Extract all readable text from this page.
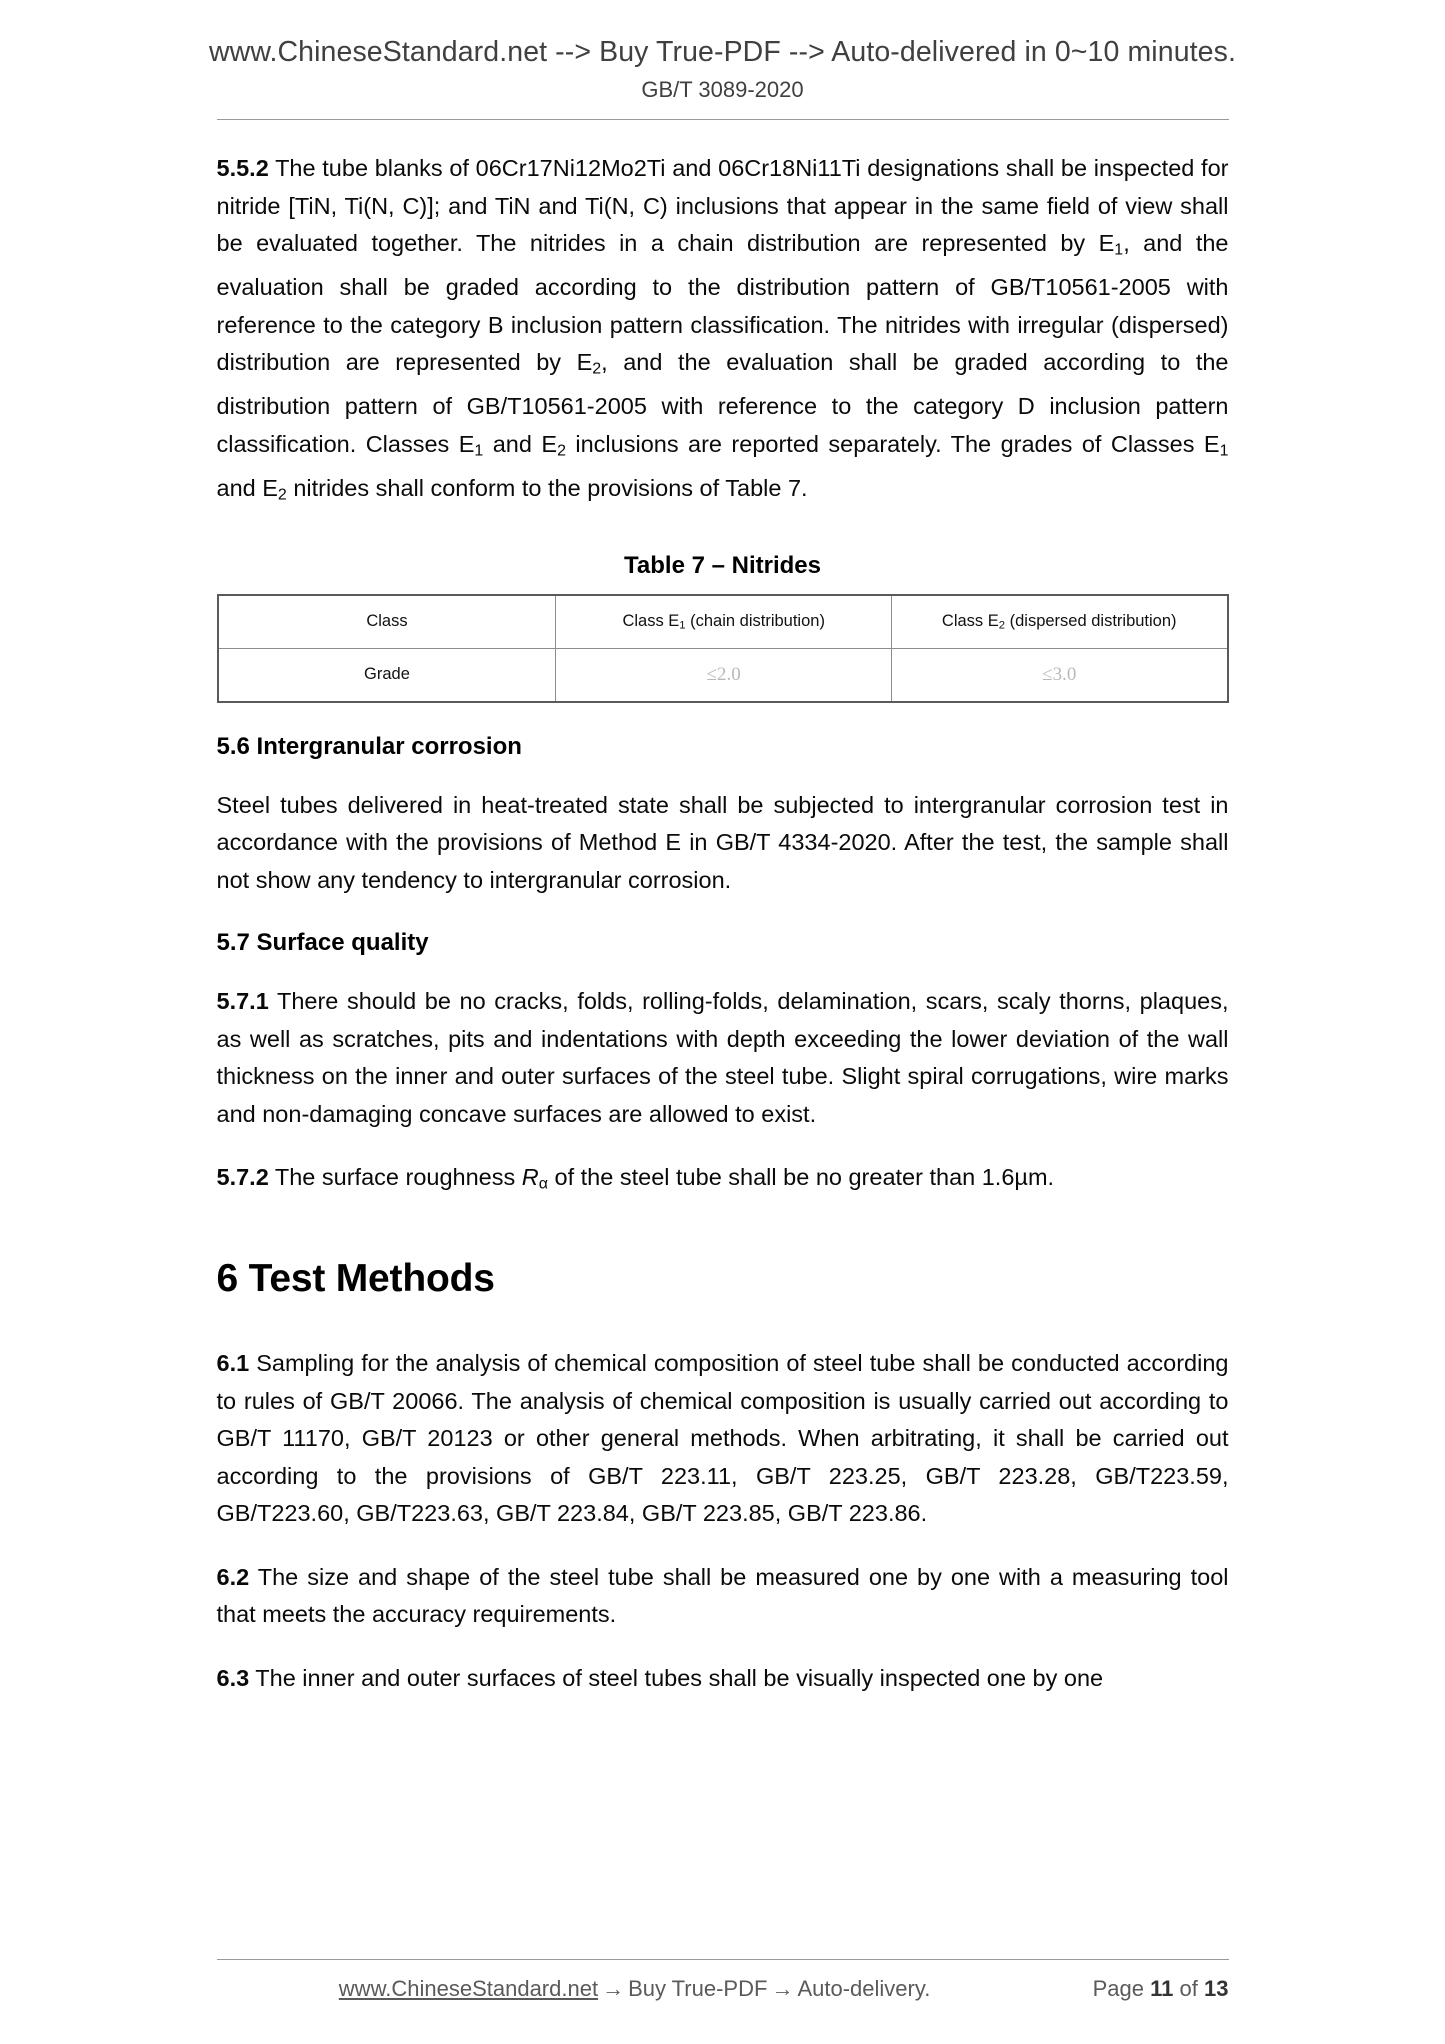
www.ChineseStandard.net --> Buy True-PDF --> Auto-delivered in 0~10 minutes.
GB/T 3089-2020

5.5.2 The tube blanks of 06Cr17Ni12Mo2Ti and 06Cr18Ni11Ti designations shall be inspected for nitride [TiN, Ti(N, C)]; and TiN and Ti(N, C) inclusions that appear in the same field of view shall be evaluated together. The nitrides in a chain distribution are represented by $E_1$, and the evaluation shall be graded according to the distribution pattern of GB/T10561-2005 with reference to the category B inclusion pattern classification. The nitrides with irregular (dispersed) distribution are represented by $E_2$, and the evaluation shall be graded according to the distribution pattern of GB/T10561-2005 with reference to the category D inclusion pattern classification. Classes $E_1$ and $E_2$ inclusions are reported separately. The grades of Classes $E_1$ and $E_2$ nitrides shall conform to the provisions of Table 7.

Table 7 – Nitrides
Class	Class $E_1$ (chain distribution)	Class $E_2$ (dispersed distribution)
Grade	≤2.0	≤3.0
5.6 Intergranular corrosion

Steel tubes delivered in heat-treated state shall be subjected to intergranular corrosion test in accordance with the provisions of Method E in GB/T 4334-2020. After the test, the sample shall not show any tendency to intergranular corrosion.

5.7 Surface quality

5.7.1 There should be no cracks, folds, rolling-folds, delamination, scars, scaly thorns, plaques, as well as scratches, pits and indentations with depth exceeding the lower deviation of the wall thickness on the inner and outer surfaces of the steel tube. Slight spiral corrugations, wire marks and non-damaging concave surfaces are allowed to exist.

5.7.2 The surface roughness $R_\alpha$ of the steel tube shall be no greater than 1.6µm.

6 Test Methods

6.1 Sampling for the analysis of chemical composition of steel tube shall be conducted according to rules of GB/T 20066. The analysis of chemical composition is usually carried out according to GB/T 11170, GB/T 20123 or other general methods. When arbitrating, it shall be carried out according to the provisions of GB/T 223.11, GB/T 223.25, GB/T 223.28, GB/T223.59, GB/T223.60, GB/T223.63, GB/T 223.84, GB/T 223.85, GB/T 223.86.

6.2 The size and shape of the steel tube shall be measured one by one with a measuring tool that meets the accuracy requirements.

6.3 The inner and outer surfaces of steel tubes shall be visually inspected one by one

www.ChineseStandard.net → Buy True-PDF → Auto-delivery.	Page 11 of 13
